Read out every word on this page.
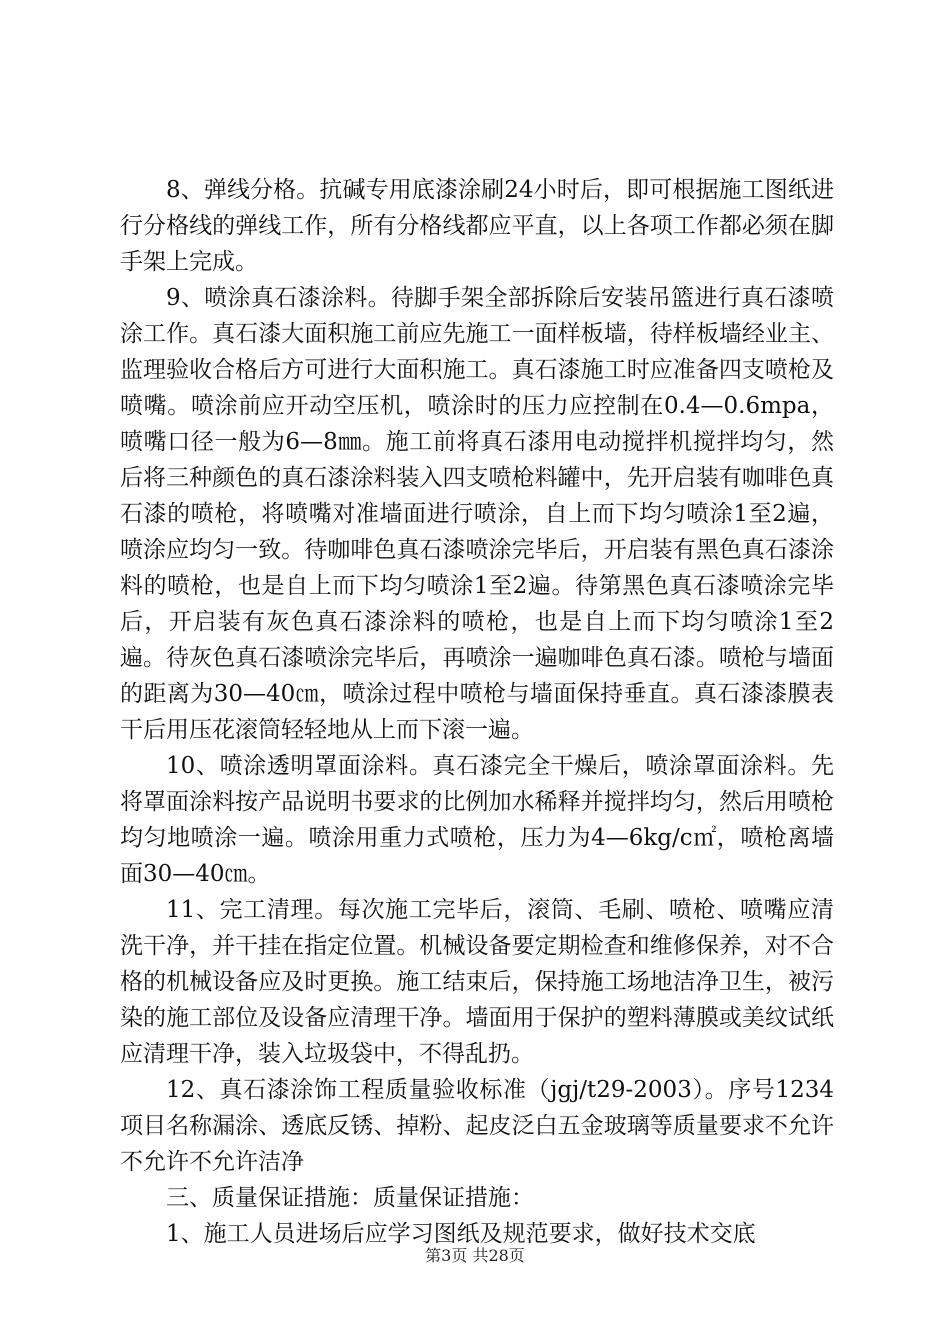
8、弹线分格。抗碱专用底漆涂刷24小时后，即可根据施工图纸进行分格线的弹线工作，所有分格线都应平直，以上各项工作都必须在脚手架上完成。

9、喷涂真石漆涂料。待脚手架全部拆除后安装吊篮进行真石漆喷涂工作。真石漆大面积施工前应先施工一面样板墙，待样板墙经业主、监理验收合格后方可进行大面积施工。真石漆施工时应准备四支喷枪及喷嘴。喷涂前应开动空压机，喷涂时的压力应控制在0.4—0.6mpa，喷嘴口径一般为6—8㎜。施工前将真石漆用电动搅拌机搅拌均匀，然后将三种颜色的真石漆涂料装入四支喷枪料罐中，先开启装有咖啡色真石漆的喷枪，将喷嘴对准墙面进行喷涂，自上而下均匀喷涂1至2遍，喷涂应均匀一致。待咖啡色真石漆喷涂完毕后，开启装有黑色真石漆涂料的喷枪，也是自上而下均匀喷涂1至2遍。待第黑色真石漆喷涂完毕后，开启装有灰色真石漆涂料的喷枪，也是自上而下均匀喷涂1至2遍。待灰色真石漆喷涂完毕后，再喷涂一遍咖啡色真石漆。喷枪与墙面的距离为30—40㎝，喷涂过程中喷枪与墙面保持垂直。真石漆漆膜表干后用压花滚筒轻轻地从上而下滚一遍。

10、喷涂透明罩面涂料。真石漆完全干燥后，喷涂罩面涂料。先将罩面涂料按产品说明书要求的比例加水稀释并搅拌均匀，然后用喷枪均匀地喷涂一遍。喷涂用重力式喷枪，压力为4—6kg/c㎡，喷枪离墙面30—40㎝。

11、完工清理。每次施工完毕后，滚筒、毛刷、喷枪、喷嘴应清洗干净，并干挂在指定位置。机械设备要定期检查和维修保养，对不合格的机械设备应及时更换。施工结束后，保持施工场地洁净卫生，被污染的施工部位及设备应清理干净。墙面用于保护的塑料薄膜或美纹试纸应清理干净，装入垃圾袋中，不得乱扔。

12、真石漆涂饰工程质量验收标准（jgj/t29-2003）。序号1234项目名称漏涂、透底反锈、掉粉、起皮泛白五金玻璃等质量要求不允许不允许不允许洁净

三、质量保证措施：质量保证措施：

1、施工人员进场后应学习图纸及规范要求，做好技术交底

第3页 共28页
